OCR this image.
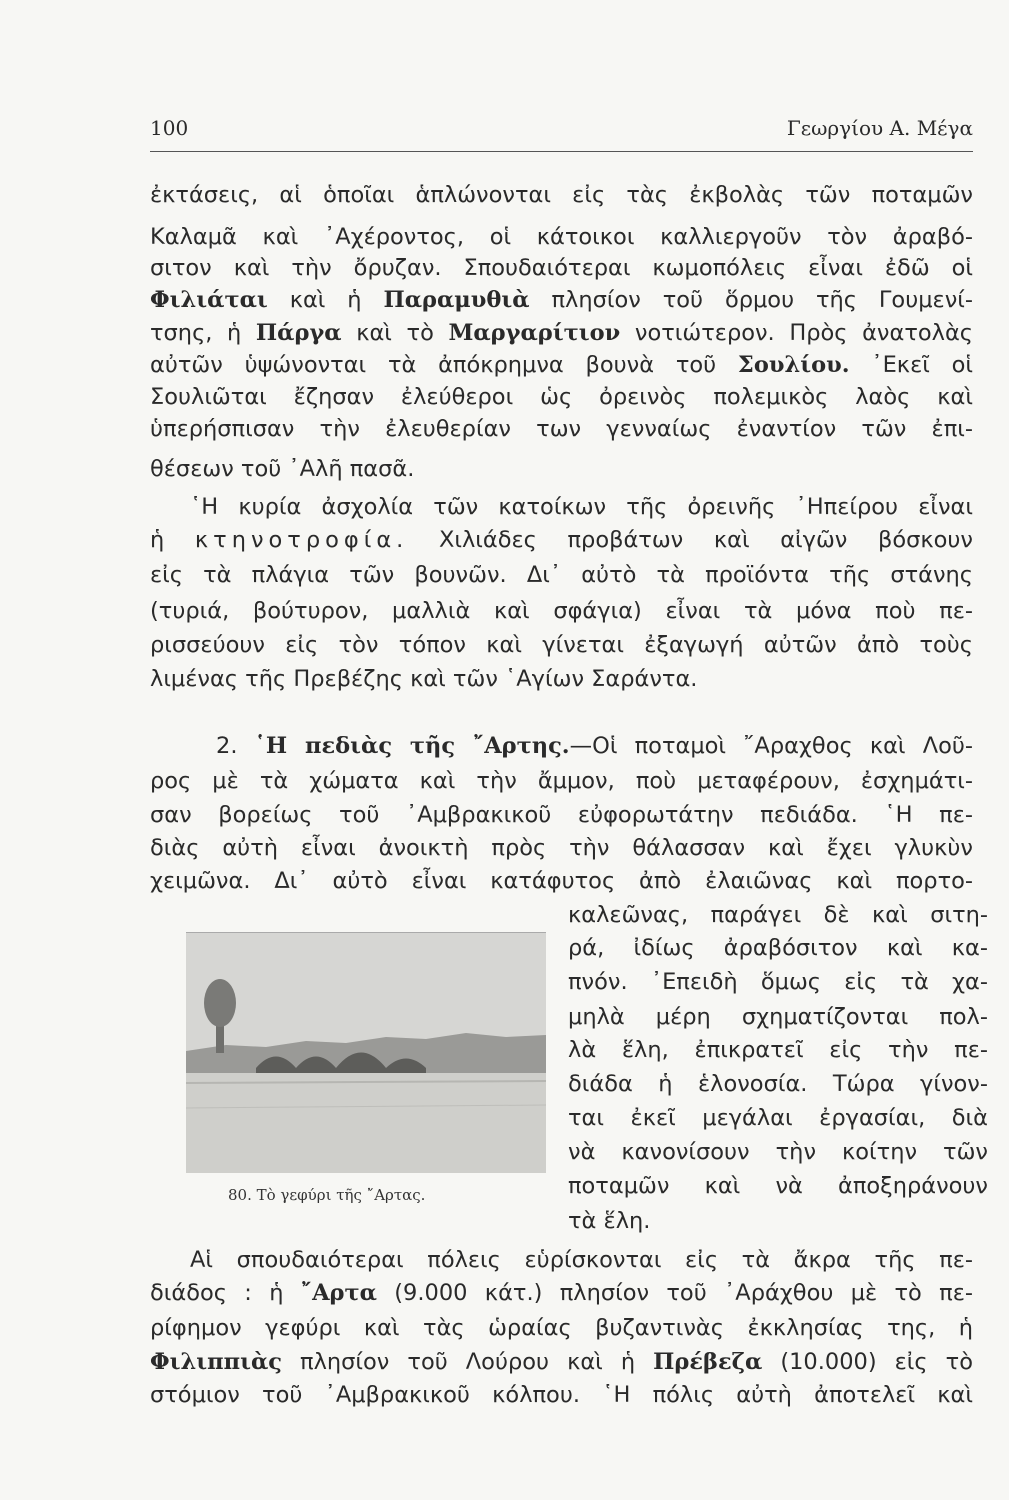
100	Γεωργίου Α. Μέγα
ἐκτάσεις, αἱ ὁποῖαι ἁπλώνονται εἰς τὰς ἐκβολὰς τῶν ποταμῶν
Καλαμᾶ καὶ ᾿Αχέροντος, οἱ κάτοικοι καλλιεργοῦν τὸν ἀραβό-
σιτον καὶ τὴν ὄρυζαν. Σπουδαιότεραι κωμοπόλεις εἶναι ἐδῶ οἱ
Φιλιάται καὶ ἡ Παραμυθιὰ πλησίον τοῦ ὅρμου τῆς Γουμενί-
τσης, ἡ Πάργα καὶ τὸ Μαργαρίτιον νοτιώτερον. Πρὸς ἀνατολὰς
αὐτῶν ὑψώνονται τὰ ἀπόκρημνα βουνὰ τοῦ Σουλίου. ᾿Εκεῖ οἱ
Σουλιῶται ἔζησαν ἐλεύθεροι ὡς ὀρεινὸς πολεμικὸς λαὸς καὶ
ὑπερήσπισαν τὴν ἐλευθερίαν των γενναίως ἐναντίον τῶν ἐπι-
θέσεων τοῦ ᾿Αλῆ πασᾶ.
῾Η κυρία ἀσχολία τῶν κατοίκων τῆς ὀρεινῆς ᾿Ηπείρου εἶναι
ἡ κτηνοτροφία. Χιλιάδες προβάτων καὶ αἰγῶν βόσκουν
εἰς τὰ πλάγια τῶν βουνῶν. Δι᾿ αὐτὸ τὰ προϊόντα τῆς στάνης
(τυριά, βούτυρον, μαλλιὰ καὶ σφάγια) εἶναι τὰ μόνα ποὺ πε-
ρισσεύουν εἰς τὸν τόπον καὶ γίνεται ἐξαγωγή αὐτῶν ἀπὸ τοὺς
λιμένας τῆς Πρεβέζης καὶ τῶν ῾Αγίων Σαράντα.
2. ῾Η πεδιὰς τῆς ῎Αρτης.—Οἱ ποταμοὶ ῎Αραχθος καὶ Λοῦ-
ρος μὲ τὰ χώματα καὶ τὴν ἄμμον, ποὺ μεταφέρουν, ἐσχημάτι-
σαν βορείως τοῦ ᾿Αμβρακικοῦ εὐφορωτάτην πεδιάδα. ῾Η πε-
διὰς αὐτὴ εἶναι ἀνοικτὴ πρὸς τὴν θάλασσαν καὶ ἔχει γλυκὺν
χειμῶνα. Δι᾿ αὐτὸ εἶναι κατάφυτος ἀπὸ ἐλαιῶνας καὶ πορτο-
καλεῶνας, παράγει δὲ καὶ σιτη-
ρά, ἰδίως ἀραβόσιτον καὶ κα-
πνόν. ᾿Επειδὴ ὅμως εἰς τὰ χα-
μηλὰ μέρη σχηματίζονται πολ-
λὰ ἕλη, ἐπικρατεῖ εἰς τὴν πε-
διάδα ἡ ἑλονοσία. Τώρα γίνον-
ται ἐκεῖ μεγάλαι ἐργασίαι, διὰ
νὰ κανονίσουν τὴν κοίτην τῶν
ποταμῶν καὶ νὰ ἀποξηράνουν
τὰ ἕλη.
80. Τὸ γεφύρι τῆς ῎Αρτας.
Αἱ σπουδαιότεραι πόλεις εὑρίσκονται εἰς τὰ ἄκρα τῆς πε-
διάδος : ἡ ῎Αρτα (9.000 κάτ.) πλησίον τοῦ ᾿Αράχθου μὲ τὸ πε-
ρίφημον γεφύρι καὶ τὰς ὡραίας βυζαντινὰς ἐκκλησίας της, ἡ
Φιλιππιὰς πλησίον τοῦ Λούρου καὶ ἡ Πρέβεζα (10.000) εἰς τὸ
στόμιον τοῦ ᾿Αμβρακικοῦ κόλπου. ῾Η πόλις αὐτὴ ἀποτελεῖ καὶ
